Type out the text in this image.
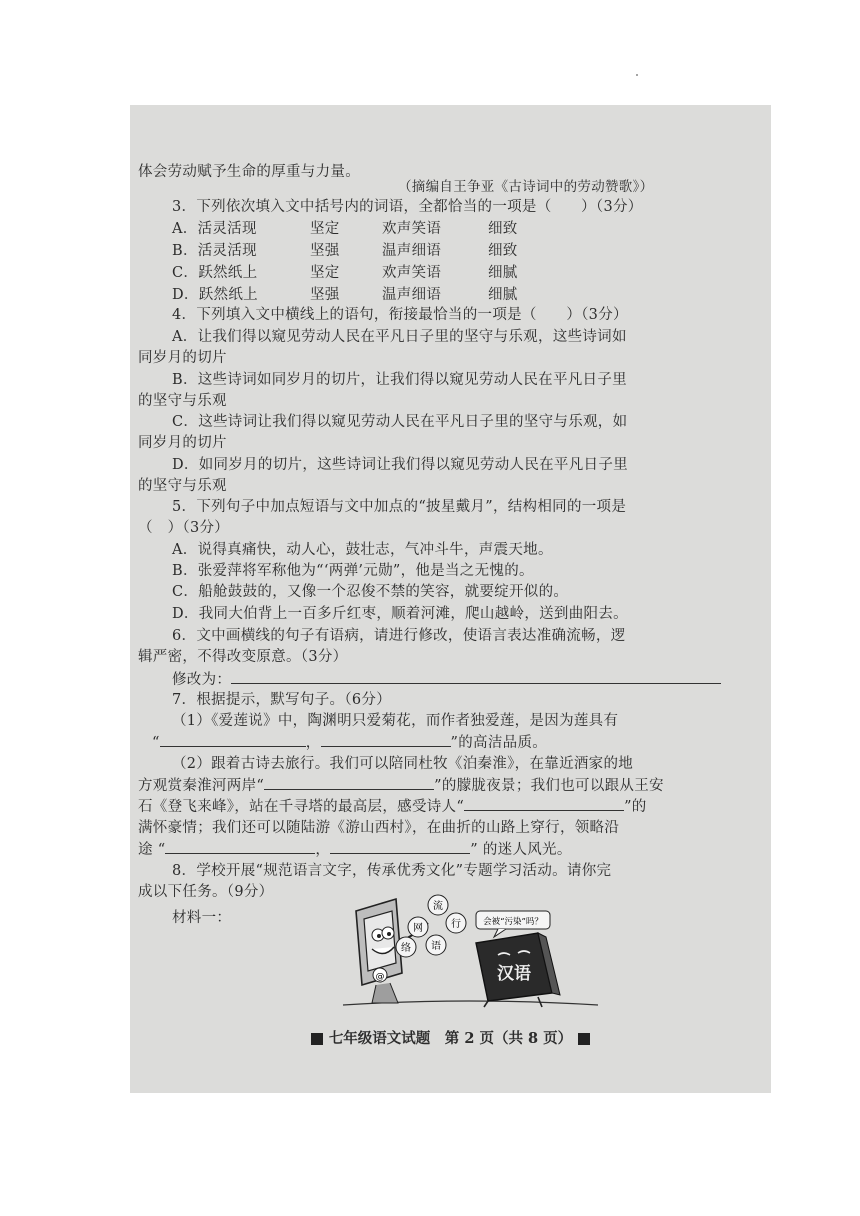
体会劳动赋予生命的厚重与力量。
（摘编自王争亚《古诗词中的劳动赞歌》）
3．下列依次填入文中括号内的词语，全都恰当的一项是（　　）（3分）
A．活灵活现	坚定	欢声笑语	细致
B．活灵活现	坚强	温声细语	细致
C．跃然纸上	坚定	欢声笑语	细腻
D．跃然纸上	坚强	温声细语	细腻
4．下列填入文中横线上的语句，衔接最恰当的一项是（　　）（3分）
A．让我们得以窥见劳动人民在平凡日子里的坚守与乐观，这些诗词如
同岁月的切片
B．这些诗词如同岁月的切片，让我们得以窥见劳动人民在平凡日子里
的坚守与乐观
C．这些诗词让我们得以窥见劳动人民在平凡日子里的坚守与乐观，如
同岁月的切片
D．如同岁月的切片，这些诗词让我们得以窥见劳动人民在平凡日子里
的坚守与乐观
5．下列句子中加点短语与文中加点的“披星戴月”，结构相同的一项是
（　）（3分）
A．说得真痛快，动人心，鼓壮志，气冲斗牛，声震天地。
B．张爱萍将军称他为“‘两弹’元勋”，他是当之无愧的。
C．船舱鼓鼓的，又像一个忍俊不禁的笑容，就要绽开似的。
D．我同大伯背上一百多斤红枣，顺着河滩，爬山越岭，送到曲阳去。
6．文中画横线的句子有语病，请进行修改，使语言表达准确流畅，逻
辑严密，不得改变原意。（3分）
修改为：
7．根据提示，默写句子。（6分）
（1）《爱莲说》中，陶渊明只爱菊花，而作者独爱莲，是因为莲具有
“	，	”的高洁品质。
（2）跟着古诗去旅行。我们可以陪同杜牧《泊秦淮》，在靠近酒家的地
方观赏秦淮河两岸“	”的朦胧夜景；我们也可以跟从王安
石《登飞来峰》，站在千寻塔的最高层，感受诗人“	”的
满怀豪情；我们还可以随陆游《游山西村》，在曲折的山路上穿行，领略沿
途 “	，	” 的迷人风光。
8．学校开展“规范语言文字，传承优秀文化”专题学习活动。请你完
成以下任务。（9分）
材料一：
@
流
行
网
络 语
会被“污染”吗？
汉语
七年级语文试题　第 2 页（共 8 页）
